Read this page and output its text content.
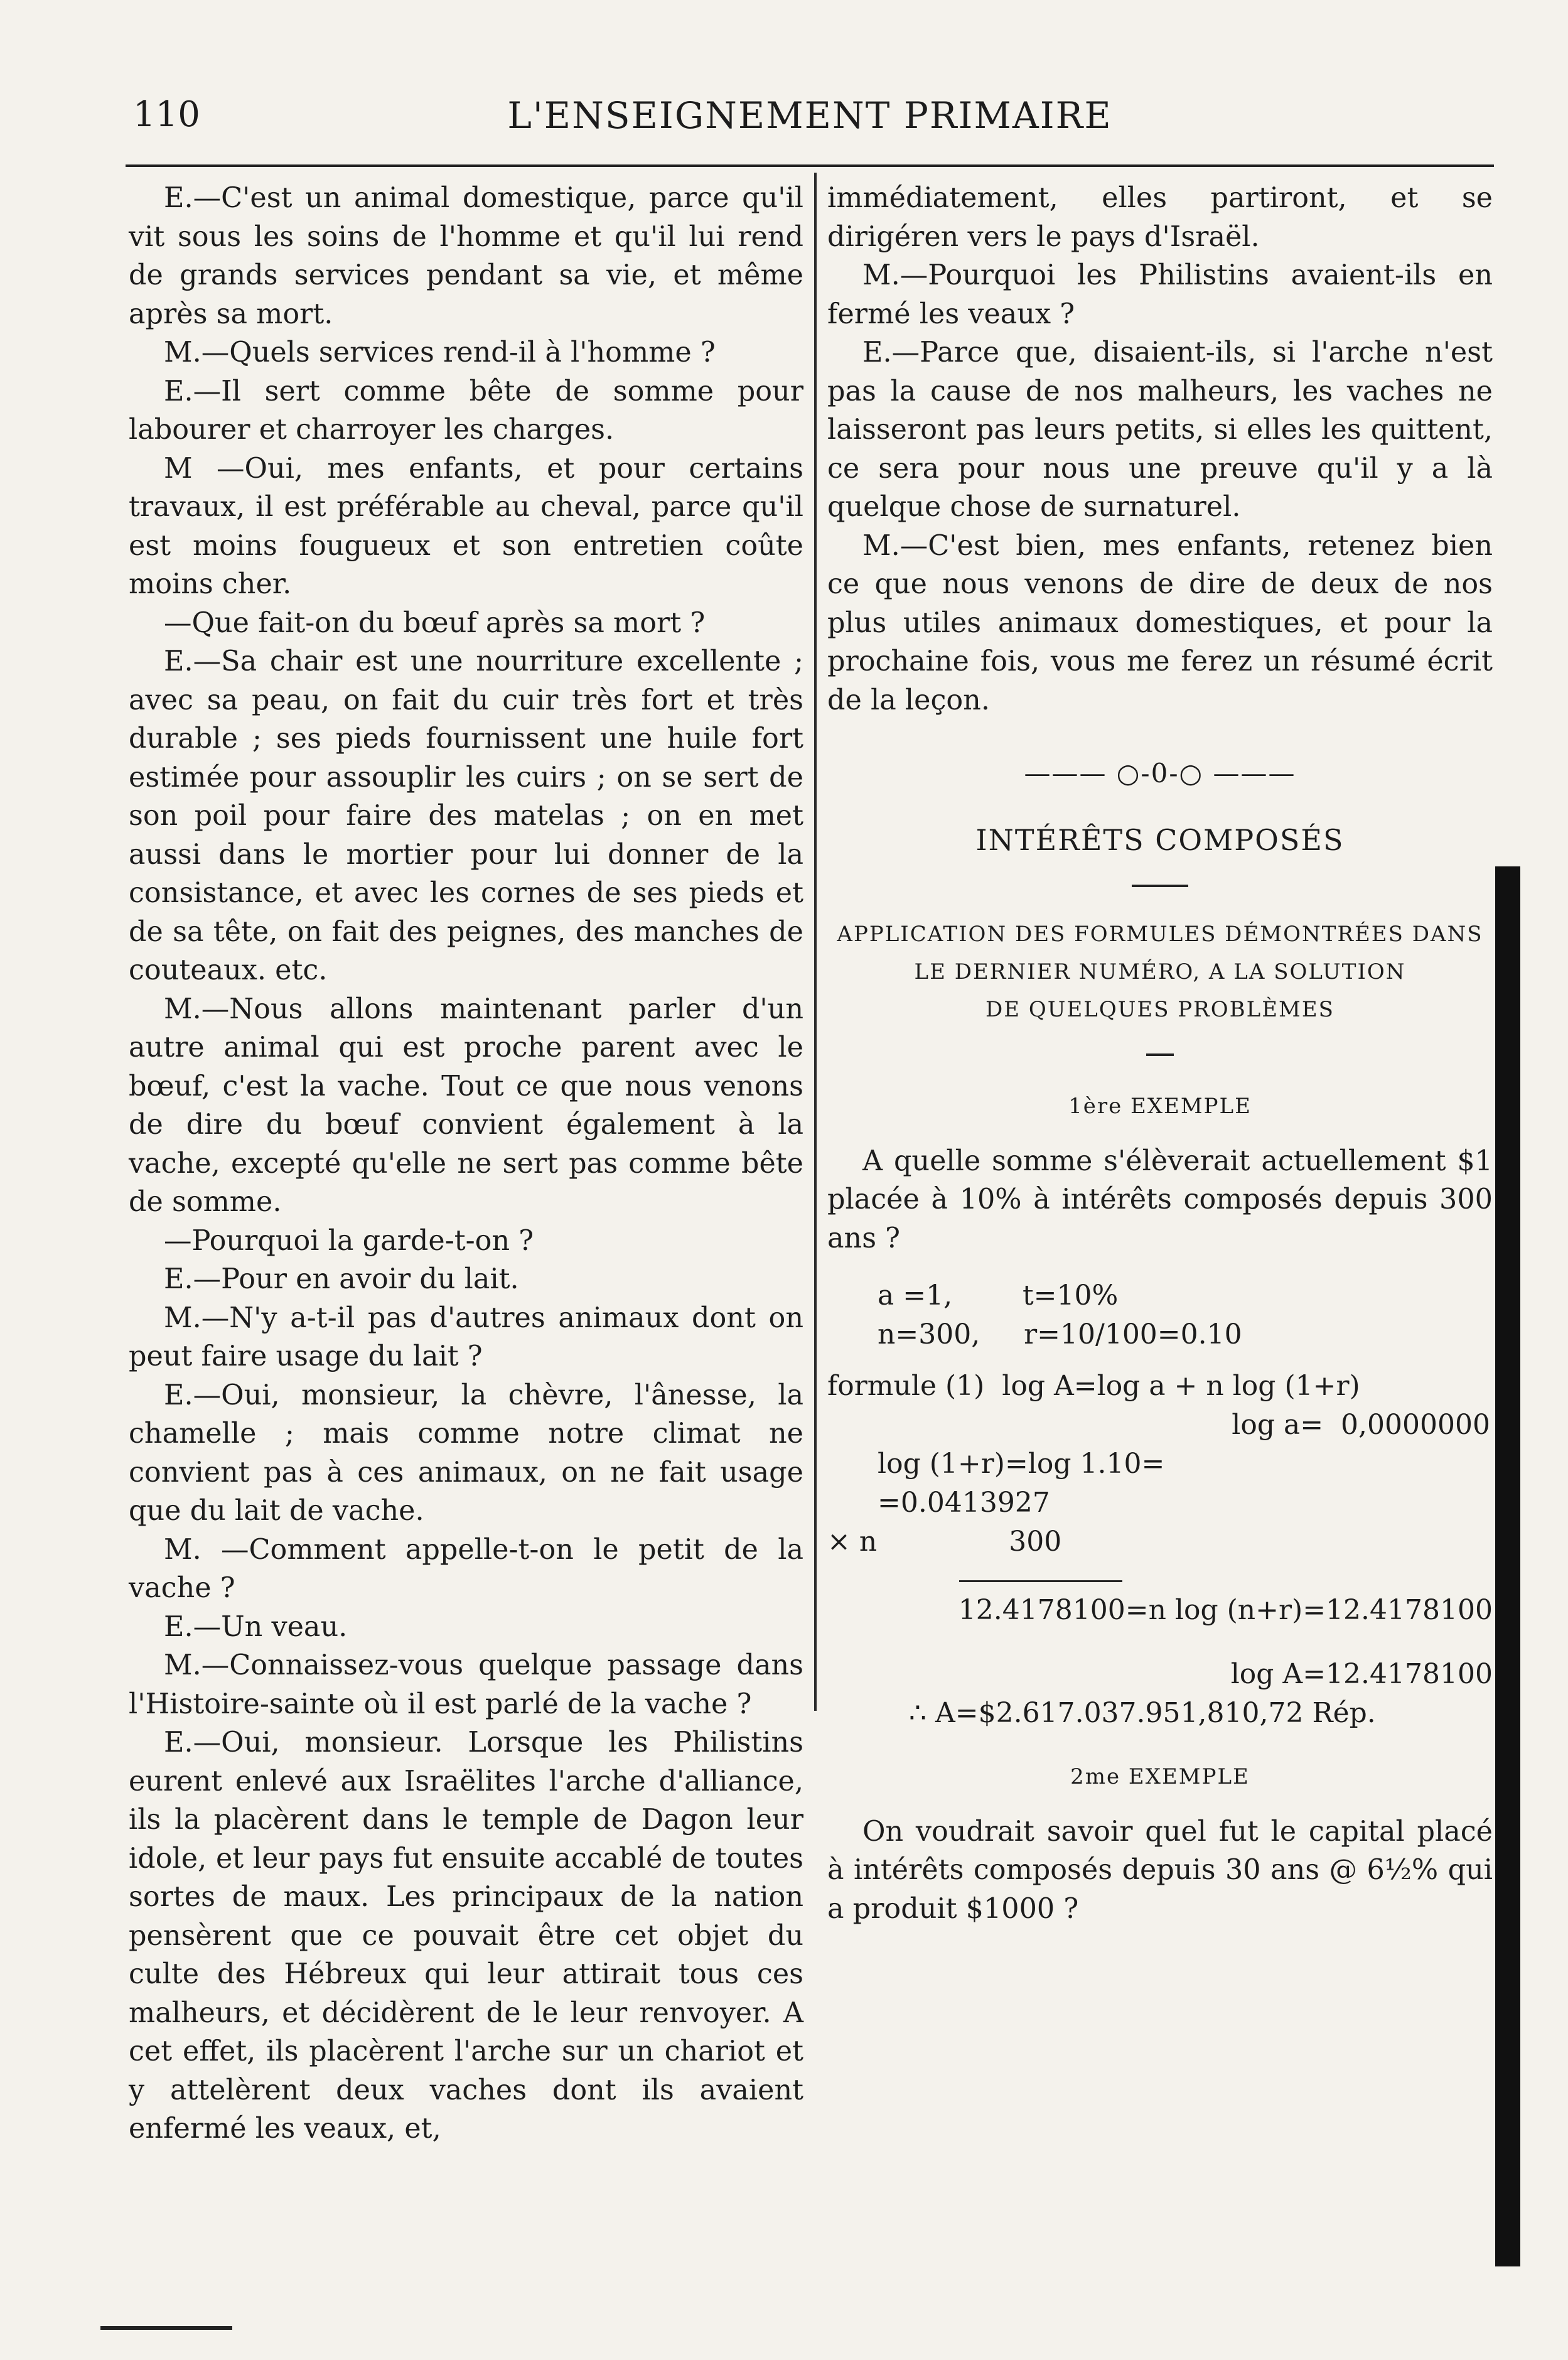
110	L'ENSEIGNEMENT PRIMAIRE

E.—C'est un animal domestique, parce qu'il vit sous les soins de l'homme et qu'il lui rend de grands services pendant sa vie, et même après sa mort.

M.—Quels services rend-il à l'homme ?

E.—Il sert comme bête de somme pour labourer et charroyer les charges.

M —Oui, mes enfants, et pour certains travaux, il est préférable au cheval, parce qu'il est moins fougueux et son entretien coûte moins cher.

—Que fait-on du bœuf après sa mort ?

E.—Sa chair est une nourriture excellente ; avec sa peau, on fait du cuir très fort et très durable ; ses pieds fournissent une huile fort estimée pour assouplir les cuirs ; on se sert de son poil pour faire des matelas ; on en met aussi dans le mortier pour lui donner de la consistance, et avec les cornes de ses pieds et de sa tête, on fait des peignes, des manches de couteaux. etc.

M.—Nous allons maintenant parler d'un autre animal qui est proche parent avec le bœuf, c'est la vache. Tout ce que nous venons de dire du bœuf convient également à la vache, excepté qu'elle ne sert pas comme bête de somme.

—Pourquoi la garde-t-on ?

E.—Pour en avoir du lait.

M.—N'y a-t-il pas d'autres animaux dont on peut faire usage du lait ?

E.—Oui, monsieur, la chèvre, l'ânesse, la chamelle ; mais comme notre climat ne convient pas à ces animaux, on ne fait usage que du lait de vache.

M. —Comment appelle-t-on le petit de la vache ?

E.—Un veau.

M.—Connaissez-vous quelque passage dans l'Histoire-sainte où il est parlé de la vache ?

E.—Oui, monsieur. Lorsque les Philistins eurent enlevé aux Israëlites l'arche d'alliance, ils la placèrent dans le temple de Dagon leur idole, et leur pays fut ensuite accablé de toutes sortes de maux. Les principaux de la nation pensèrent que ce pouvait être cet objet du culte des Hébreux qui leur attirait tous ces malheurs, et décidèrent de le leur renvoyer. A cet effet, ils placèrent l'arche sur un chariot et y attelèrent deux vaches dont ils avaient enfermé les veaux, et,

immédiatement, elles partiront, et se dirigéren vers le pays d'Israël.

M.—Pourquoi les Philistins avaient-ils en fermé les veaux ?

E.—Parce que, disaient-ils, si l'arche n'est pas la cause de nos malheurs, les vaches ne laisseront pas leurs petits, si elles les quittent, ce sera pour nous une preuve qu'il y a là quelque chose de surnaturel.

M.—C'est bien, mes enfants, retenez bien ce que nous venons de dire de deux de nos plus utiles animaux domestiques, et pour la prochaine fois, vous me ferez un résumé écrit de la leçon.

——— ○-0-○ ———
INTÉRÊTS COMPOSÉS
APPLICATION DES FORMULES DÉMONTRÉES DANS
LE DERNIER NUMÉRO, A LA SOLUTION
DE QUELQUES PROBLÈMES
1ère EXEMPLE

A quelle somme s'élèverait actuellement $1 placée à 10% à intérêts composés depuis 300 ans ?

a =1,        t=10%
n=300,     r=10/100=0.10
formule (1)  log A=log a + n log (1+r)
log a=  0,0000000
log (1+r)=log 1.10=
=0.0413927
× n	300
12.4178100=n log (n+r)=12.4178100
log A=12.4178100
∴ A=$2.617.037.951,810,72 Rép.
2me EXEMPLE

On voudrait savoir quel fut le capital placé à intérêts composés depuis 30 ans @ 6½% qui a produit $1000 ?
